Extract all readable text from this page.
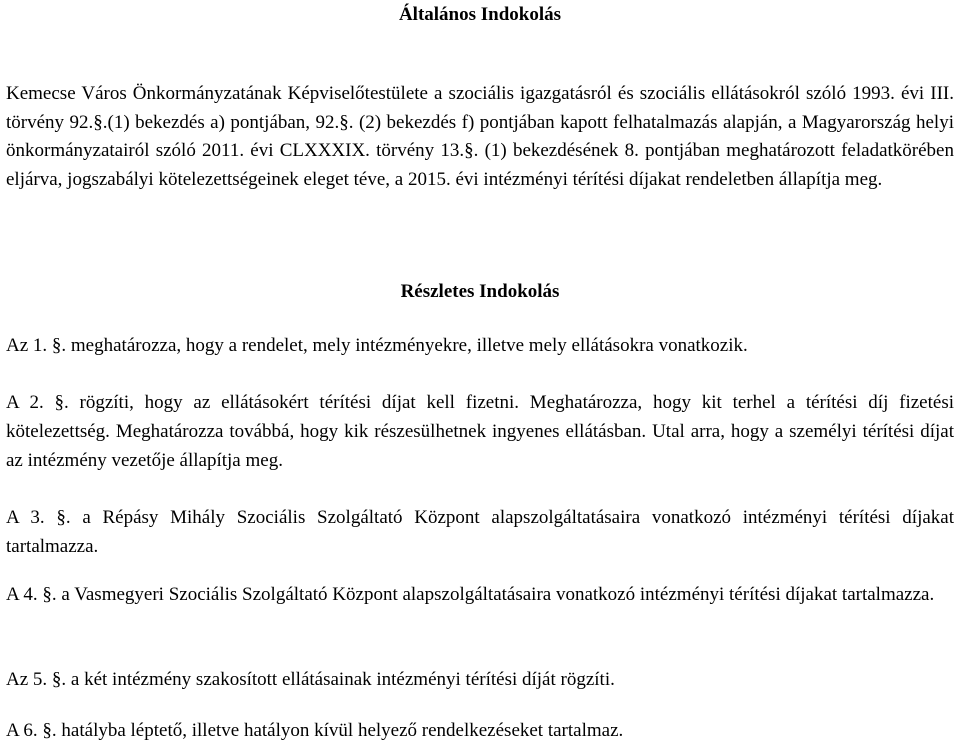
Általános Indokolás

Kemecse Város Önkormányzatának Képviselőtestülete a szociális igazgatásról és szociális ellátásokról szóló 1993. évi III. törvény 92.§.(1) bekezdés a) pontjában, 92.§. (2) bekezdés f) pontjában kapott felhatalmazás alapján, a Magyarország helyi önkormányzatairól szóló 2011. évi CLXXXIX. törvény 13.§. (1) bekezdésének 8. pontjában meghatározott feladatkörében eljárva, jogszabályi kötelezettségeinek eleget téve, a 2015. évi intézményi térítési díjakat rendeletben állapítja meg.

Részletes Indokolás

Az 1. §. meghatározza, hogy a rendelet, mely intézményekre, illetve mely ellátásokra vonatkozik.

A 2. §. rögzíti, hogy az ellátásokért térítési díjat kell fizetni. Meghatározza, hogy kit terhel a térítési díj fizetési kötelezettség. Meghatározza továbbá, hogy kik részesülhetnek ingyenes ellátásban. Utal arra, hogy a személyi térítési díjat az intézmény vezetője állapítja meg.

A 3. §. a Répásy Mihály Szociális Szolgáltató Központ alapszolgáltatásaira vonatkozó intézményi térítési díjakat tartalmazza.

A 4. §. a Vasmegyeri Szociális Szolgáltató Központ alapszolgáltatásaira vonatkozó intézményi térítési díjakat tartalmazza.

Az 5. §. a két intézmény szakosított ellátásainak intézményi térítési díját rögzíti.

A 6. §. hatályba léptető, illetve hatályon kívül helyező rendelkezéseket tartalmaz.
